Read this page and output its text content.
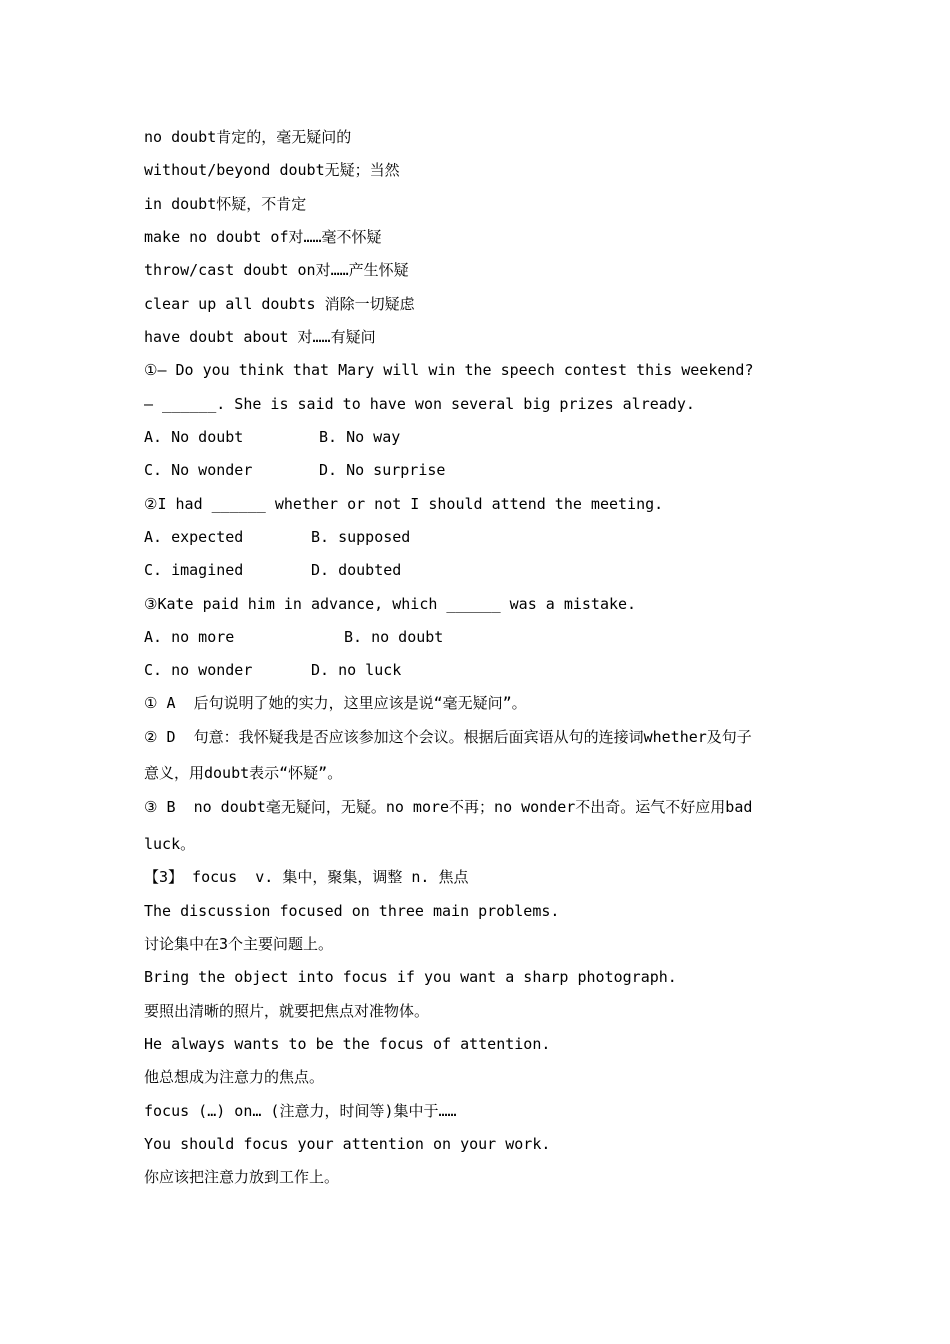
no doubt肯定的，毫无疑问的
without/beyond doubt无疑；当然
in doubt怀疑，不肯定
make no doubt of对……毫不怀疑
throw/cast doubt on对……产生怀疑
clear up all doubts 消除一切疑虑
have doubt about 对……有疑问
①— Do you think that Mary will win the speech contest this weekend?
— ______. She is said to have won several big prizes already.
A. No doubt	B. No way
C. No wonder	D. No surprise
②I had ______ whether or not I should attend the meeting.
A. expected	B. supposed
C. imagined	D. doubted
③Kate paid him in advance, which ______ was a mistake.
A. no more	B. no doubt
C. no wonder	D. no luck
① A  后句说明了她的实力，这里应该是说“毫无疑问”。
② D  句意：我怀疑我是否应该参加这个会议。根据后面宾语从句的连接词whether及句子
意义，用doubt表示“怀疑”。
③ B  no doubt毫无疑问，无疑。no more不再；no wonder不出奇。运气不好应用bad
luck。
【3】 focus  v. 集中，聚集，调整 n. 焦点
The discussion focused on three main problems.
讨论集中在3个主要问题上。
Bring the object into focus if you want a sharp photograph.
要照出清晰的照片，就要把焦点对准物体。
He always wants to be the focus of attention.
他总想成为注意力的焦点。
focus (…) on… (注意力，时间等)集中于……
You should focus your attention on your work.
你应该把注意力放到工作上。
